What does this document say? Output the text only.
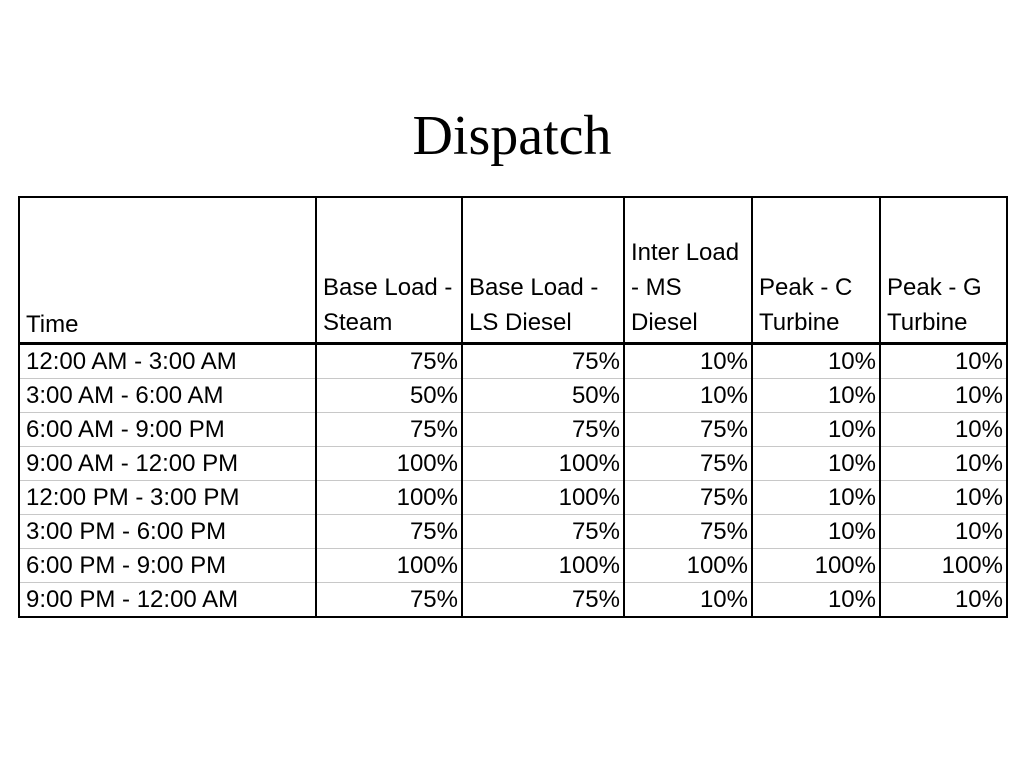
Dispatch
Time	Base Load - Steam	Base Load - LS Diesel	Inter Load - MS Diesel	Peak - C Turbine	Peak - G Turbine
12:00 AM - 3:00 AM	75%	75%	10%	10%	10%
3:00 AM - 6:00 AM	50%	50%	10%	10%	10%
6:00 AM - 9:00 PM	75%	75%	75%	10%	10%
9:00 AM - 12:00 PM	100%	100%	75%	10%	10%
12:00 PM - 3:00 PM	100%	100%	75%	10%	10%
3:00 PM - 6:00 PM	75%	75%	75%	10%	10%
6:00 PM - 9:00 PM	100%	100%	100%	100%	100%
9:00 PM - 12:00 AM	75%	75%	10%	10%	10%
